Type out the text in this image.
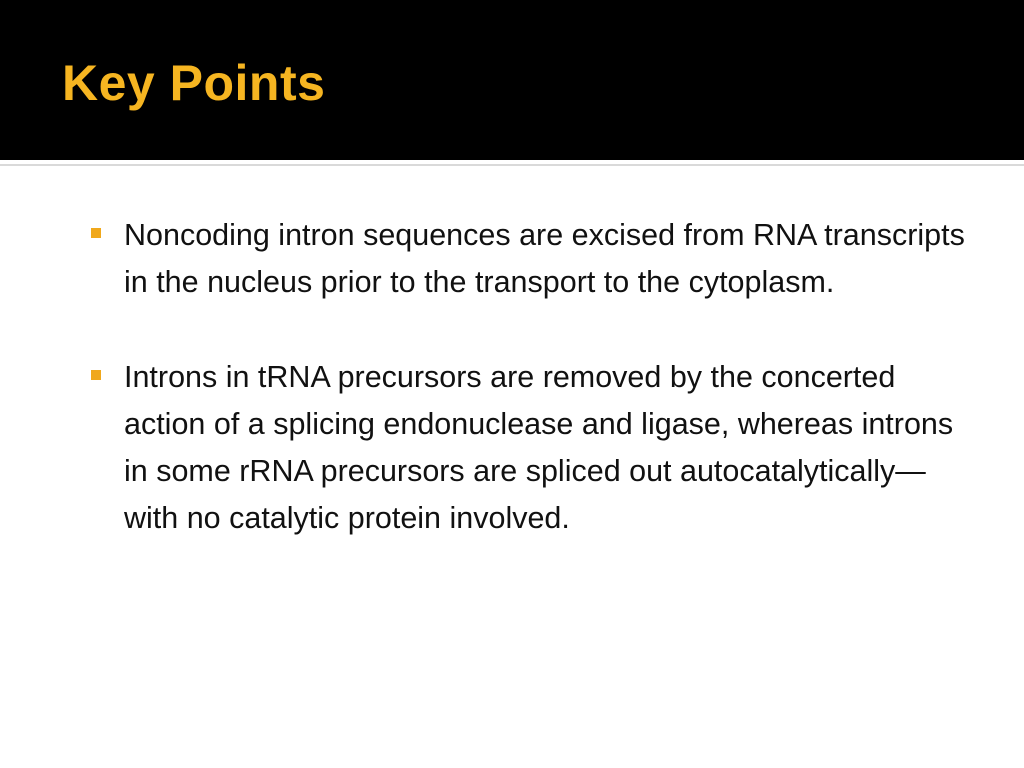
Key Points
Noncoding intron sequences are excised from RNA transcripts in the nucleus prior to the transport to the cytoplasm.
Introns in tRNA precursors are removed by the concerted action of a splicing endonuclease and ligase, whereas introns in some rRNA precursors are spliced out autocatalytically—with no catalytic protein involved.
